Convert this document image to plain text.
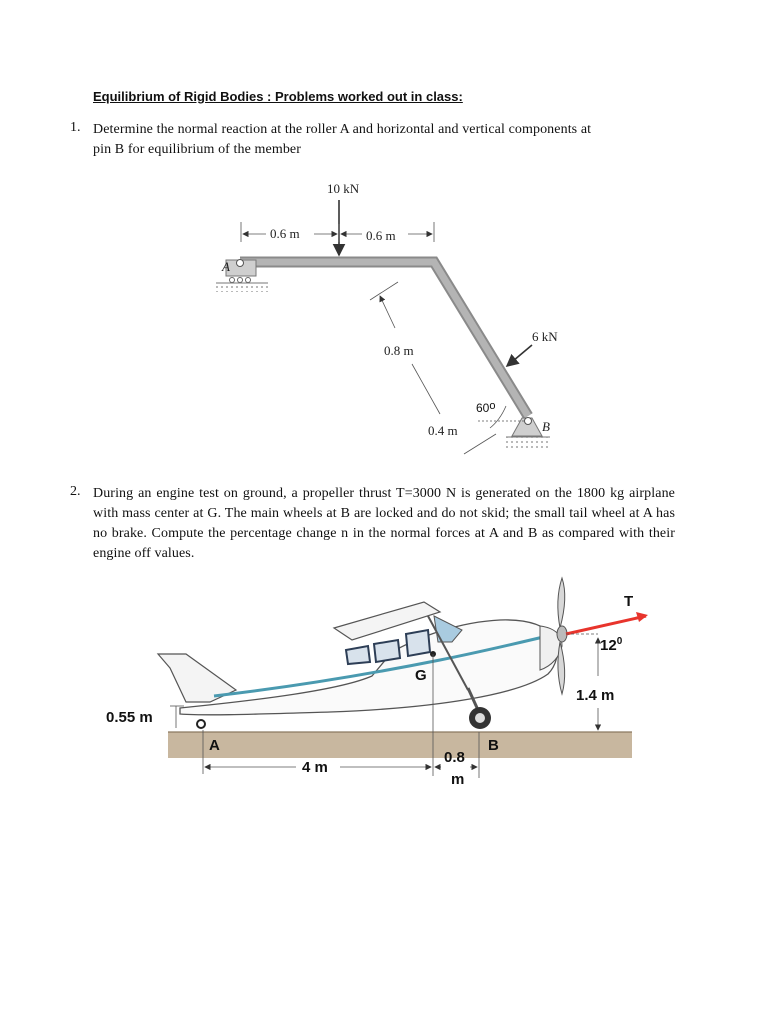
Equilibrium of Rigid Bodies : Problems worked out in class:
1. Determine the normal reaction at the roller A and horizontal and vertical components at
pin B for equilibrium of the member
2. During an engine test on ground, a propeller thrust T=3000 N is generated on the 1800 kg airplane with mass center at G. The main wheels at B are locked and do not skid; the small tail wheel at A has no brake. Compute the percentage change n in the normal forces at A and B as compared with their engine off values.
A
B
10 kN
0.6 m	0.6 m
0.8 m
0.4 m
60o
6 kN
G
T
$12^0$
1.4 m
0.55 m
A	B
4 m
0.8
m
